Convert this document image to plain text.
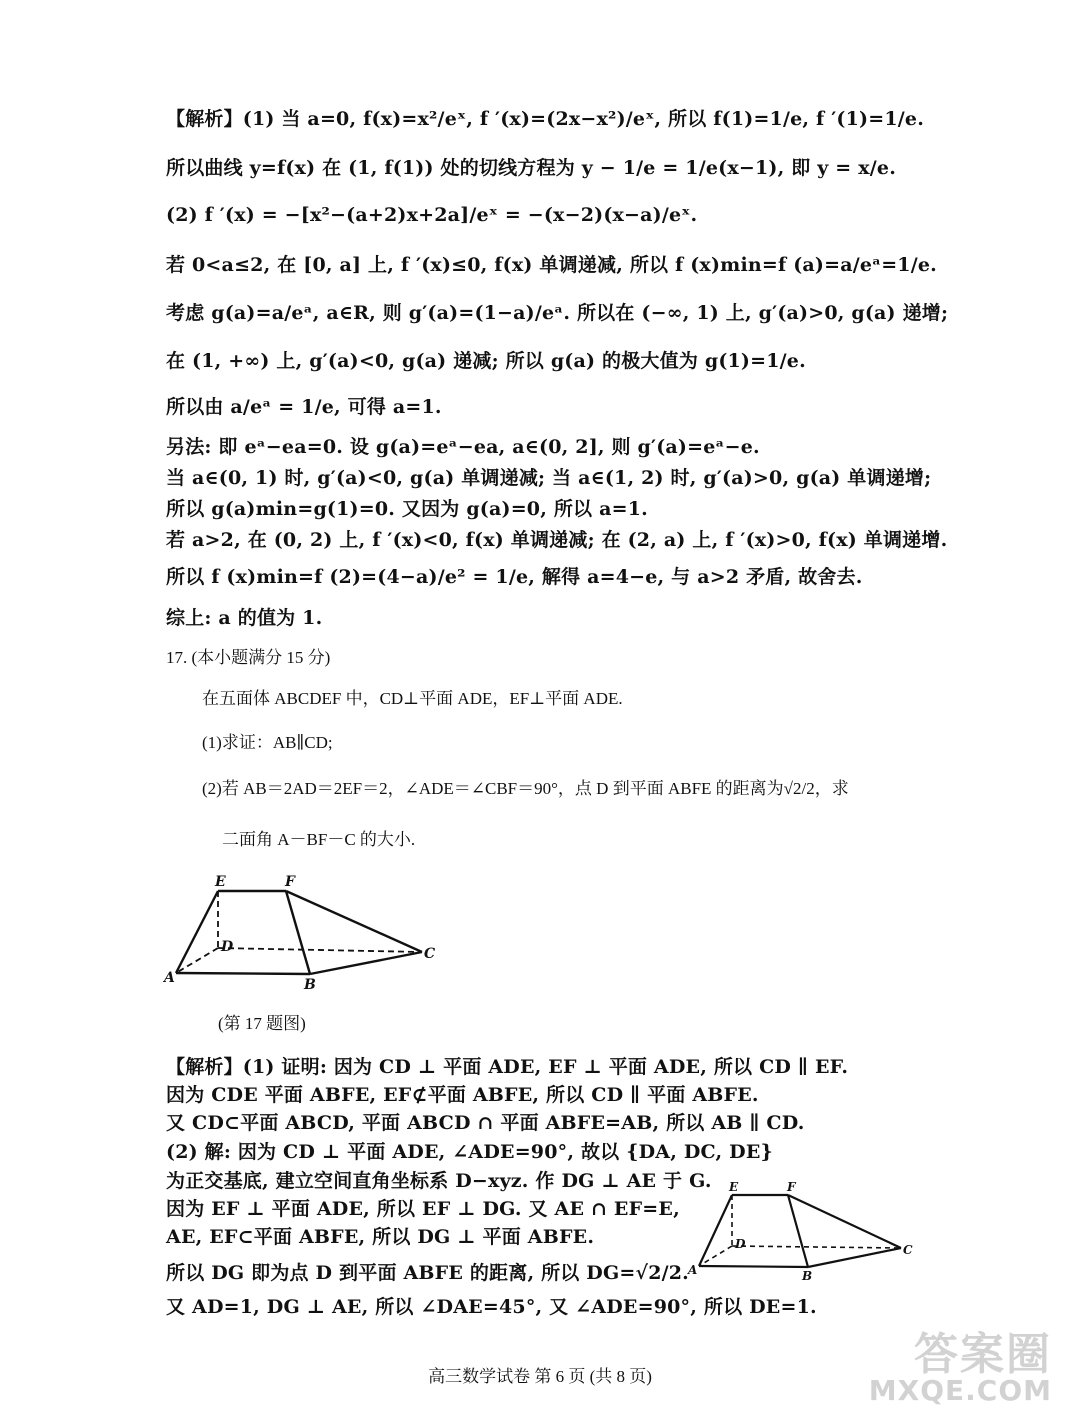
【解析】(1) 当 a=0, f(x)=x²/eˣ, f ′(x)=(2x−x²)/eˣ, 所以 f(1)=1/e, f ′(1)=1/e.
所以曲线 y=f(x) 在 (1, f(1)) 处的切线方程为 y − 1/e = 1/e(x−1), 即 y = x/e.
(2) f ′(x) = −[x²−(a+2)x+2a]/eˣ = −(x−2)(x−a)/eˣ.
若 0<a≤2, 在 [0, a] 上, f ′(x)≤0, f(x) 单调递减, 所以 f (x)min=f (a)=a/eᵃ=1/e.
考虑 g(a)=a/eᵃ, a∈R, 则 g′(a)=(1−a)/eᵃ. 所以在 (−∞, 1) 上, g′(a)>0, g(a) 递增;
在 (1, +∞) 上, g′(a)<0, g(a) 递减; 所以 g(a) 的极大值为 g(1)=1/e.
所以由 a/eᵃ = 1/e, 可得 a=1.
另法: 即 eᵃ−ea=0. 设 g(a)=eᵃ−ea, a∈(0, 2], 则 g′(a)=eᵃ−e.
当 a∈(0, 1) 时, g′(a)<0, g(a) 单调递减; 当 a∈(1, 2) 时, g′(a)>0, g(a) 单调递增;
所以 g(a)min=g(1)=0. 又因为 g(a)=0, 所以 a=1.
若 a>2, 在 (0, 2) 上, f ′(x)<0, f(x) 单调递减; 在 (2, a) 上, f ′(x)>0, f(x) 单调递增.
所以 f (x)min=f (2)=(4−a)/e² = 1/e, 解得 a=4−e, 与 a>2 矛盾, 故舍去.
综上: a 的值为 1.
17. (本小题满分 15 分)
在五面体 ABCDEF 中，CD⊥平面 ADE，EF⊥平面 ADE.
(1)求证：AB∥CD;
(2)若 AB＝2AD＝2EF＝2，∠ADE＝∠CBF＝90°，点 D 到平面 ABFE 的距离为√2/2，求
二面角 A－BF－C 的大小.
E	F
D	C
A	B
(第 17 题图)
【解析】(1) 证明: 因为 CD ⊥ 平面 ADE, EF ⊥ 平面 ADE, 所以 CD ∥ EF.
因为 CDE 平面 ABFE, EF⊄平面 ABFE, 所以 CD ∥ 平面 ABFE.
又 CD⊂平面 ABCD, 平面 ABCD ∩ 平面 ABFE=AB, 所以 AB ∥ CD.
(2) 解: 因为 CD ⊥ 平面 ADE, ∠ADE=90°, 故以 {DA, DC, DE}
为正交基底, 建立空间直角坐标系 D−xyz. 作 DG ⊥ AE 于 G.
因为 EF ⊥ 平面 ADE, 所以 EF ⊥ DG. 又 AE ∩ EF=E,
AE, EF⊂平面 ABFE, 所以 DG ⊥ 平面 ABFE.
所以 DG 即为点 D 到平面 ABFE 的距离, 所以 DG=√2/2.
又 AD=1, DG ⊥ AE, 所以 ∠DAE=45°, 又 ∠ADE=90°, 所以 DE=1.
E	F
D	C
A	B
高三数学试卷 第 6 页 (共 8 页)	答案圈
MXQE.COM
